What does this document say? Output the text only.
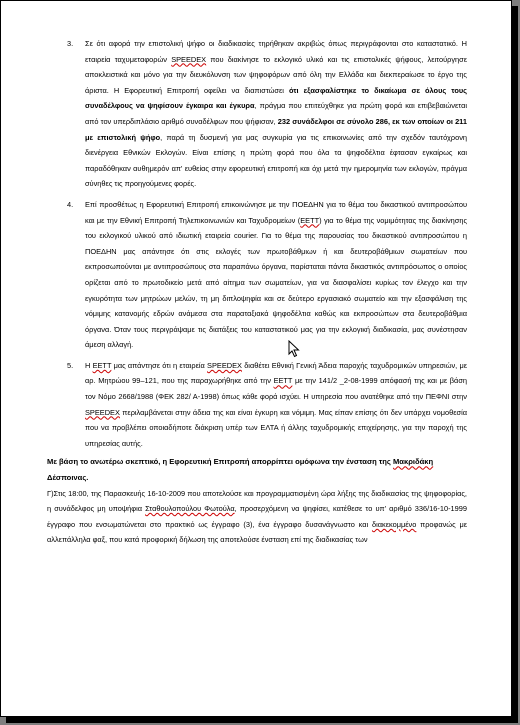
3. Σε ότι αφορά την επιστολική ψήφο οι διαδικασίες τηρήθηκαν ακριβώς όπως περιγράφονται στο καταστατικό. Η εταιρεία ταχυμεταφορών SPEEDEX που διακίνησε το εκλογικό υλικό και τις επιστολικές ψήφους, λειτούργησε αποκλειστικά και μόνο για την διευκόλυνση των ψηφοφόρων από όλη την Ελλάδα και διεκπεραίωσε το έργο της άριστα. Η Εφορευτική Επιτροπή οφείλει να διαπιστώσει ότι εξασφαλίστηκε το δικαίωμα σε όλους τους συναδέλφους να ψηφίσουν έγκαιρα και έγκυρα, πράγμα που επιτεύχθηκε για πρώτη φορά και επιβεβαιώνεται από τον υπερδιπλάσιο αριθμό συναδέλφων που ψήφισαν, 232 συνάδελφοι σε σύνολο 286, εκ των οποίων οι 211 με επιστολική ψήφο, παρά τη δυσμενή για μας συγκυρία για τις επικοινωνίες από την σχεδόν ταυτόχρονη διενέργεια Εθνικών Εκλογών. Είναι επίσης η πρώτη φορά που όλα τα ψηφοδέλτια έφτασαν εγκαίρως και παραδόθηκαν αυθημερόν απ' ευθείας στην εφορευτική επιτροπή και όχι μετά την ημερομηνία των εκλογών, πράγμα σύνηθες τις προηγούμενες φορές.

4. Επί προσθέτως η Εφορευτική Επιτροπή επικοινώνησε με την ΠΟΕΔΗΝ για το θέμα του δικαστικού αντιπροσώπου και με την Εθνική Επιτροπή Τηλεπικοινωνιών και Ταχυδρομείων (ΕΕΤΤ) για το θέμα της νομιμότητας της διακίνησης του εκλογικού υλικού από ιδιωτική εταιρεία courier. Για το θέμα της παρουσίας του δικαστικού αντιπροσώπου η ΠΟΕΔΗΝ μας απάντησε ότι στις εκλογές των πρωτοβάθμιων ή και δευτεροβάθμιων σωματείων που εκπροσωπούνται με αντιπροσώπους στα παραπάνω όργανα, παρίσταται πάντα δικαστικός αντιπρόσωπος ο οποίος ορίζεται από το πρωτοδικείο μετά από αίτημα των σωματείων, για να διασφαλίσει κυρίως τον έλεγχο και την εγκυρότητα των μητρώων μελών, τη μη διπλοψηφία και σε δεύτερο εργασιακό σωματείο και την εξασφάλιση της νόμιμης κατανομής εδρών ανάμεσα στα παραταξιακά ψηφοδέλτια καθώς και εκπροσώπων στα δευτεροβάθμια όργανα. Όταν τους περιγράψαμε τις διατάξεις του καταστατικού μας για την εκλογική διαδικασία, μας συνέστησαν άμεση αλλαγή.

5. Η ΕΕΤΤ μας απάντησε ότι η εταιρεία SPEEDEX διαθέτει Εθνική Γενική Άδεια παροχής ταχυδρομικών υπηρεσιών, με αρ. Μητρώου 99–121, που της παραχωρήθηκε από την ΕΕΤΤ με την 141/2 _2-08-1999 απόφασή της και με βάση τον Νόμο 2668/1988 (ΦΕΚ 282/ Α-1998) όπως κάθε φορά ισχύει. Η υπηρεσία που ανατέθηκε από την ΠΕΦΝΙ στην SPEEDEX περιλαμβάνεται στην άδεια της και είναι έγκυρη και νόμιμη. Μας είπαν επίσης ότι δεν υπάρχει νομοθεσία που να προβλέπει οποιαδήποτε διάκριση υπέρ των ΕΛΤΑ ή άλλης ταχυδρομικής επιχείρησης, για την παροχή της υπηρεσίας αυτής.

Με βάση το ανωτέρω σκεπτικό, η Εφορευτική Επιτροπή απορρίπτει ομόφωνα την ένσταση της Μακριδάκη Δέσποινας.
Γ)Στις 18:00, της Παρασκευής 16-10-2009 που αποτελούσε και προγραμματισμένη ώρα λήξης της διαδικασίας της ψηφοφορίας, η συνάδελφος μη υποψήφια Σταθουλοπούλου Φωτούλα, προσερχόμενη να ψηφίσει, κατέθεσε το υπ' αριθμό 336/16-10-1999 έγγραφο που ενσωματώνεται στο πρακτικό ως έγγραφο (3), ένα έγγραφο δυσανάγνωστο και διακεκομμένο προφανώς με αλλεπάλληλα φαξ, που κατά προφορική δήλωση της αποτελούσε ένσταση επί της διαδικασίας των
